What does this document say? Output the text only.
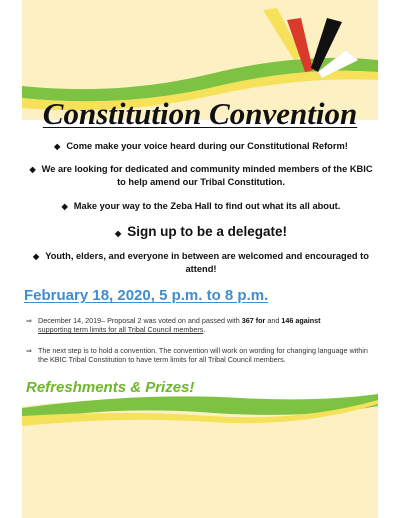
Constitution Convention
◆ Come make your voice heard during our Constitutional Reform!
◆ We are looking for dedicated and community minded members of the KBIC to help amend our Tribal Constitution.
◆ Make your way to the Zeba Hall to find out what its all about.
◆ Sign up to be a delegate!
◆ Youth, elders, and everyone in between are welcomed and encouraged to attend!
February 18, 2020, 5 p.m. to 8 p.m.
⇒ December 14, 2019– Proposal 2 was voted on and passed with 367 for and 146 against
supporting term limits for all Tribal Council members.
⇒ The next step is to hold a convention. The convention will work on wording for changing language within the KBIC Tribal Constitution to have term limits for all Tribal Council members.
Refreshments & Prizes!
